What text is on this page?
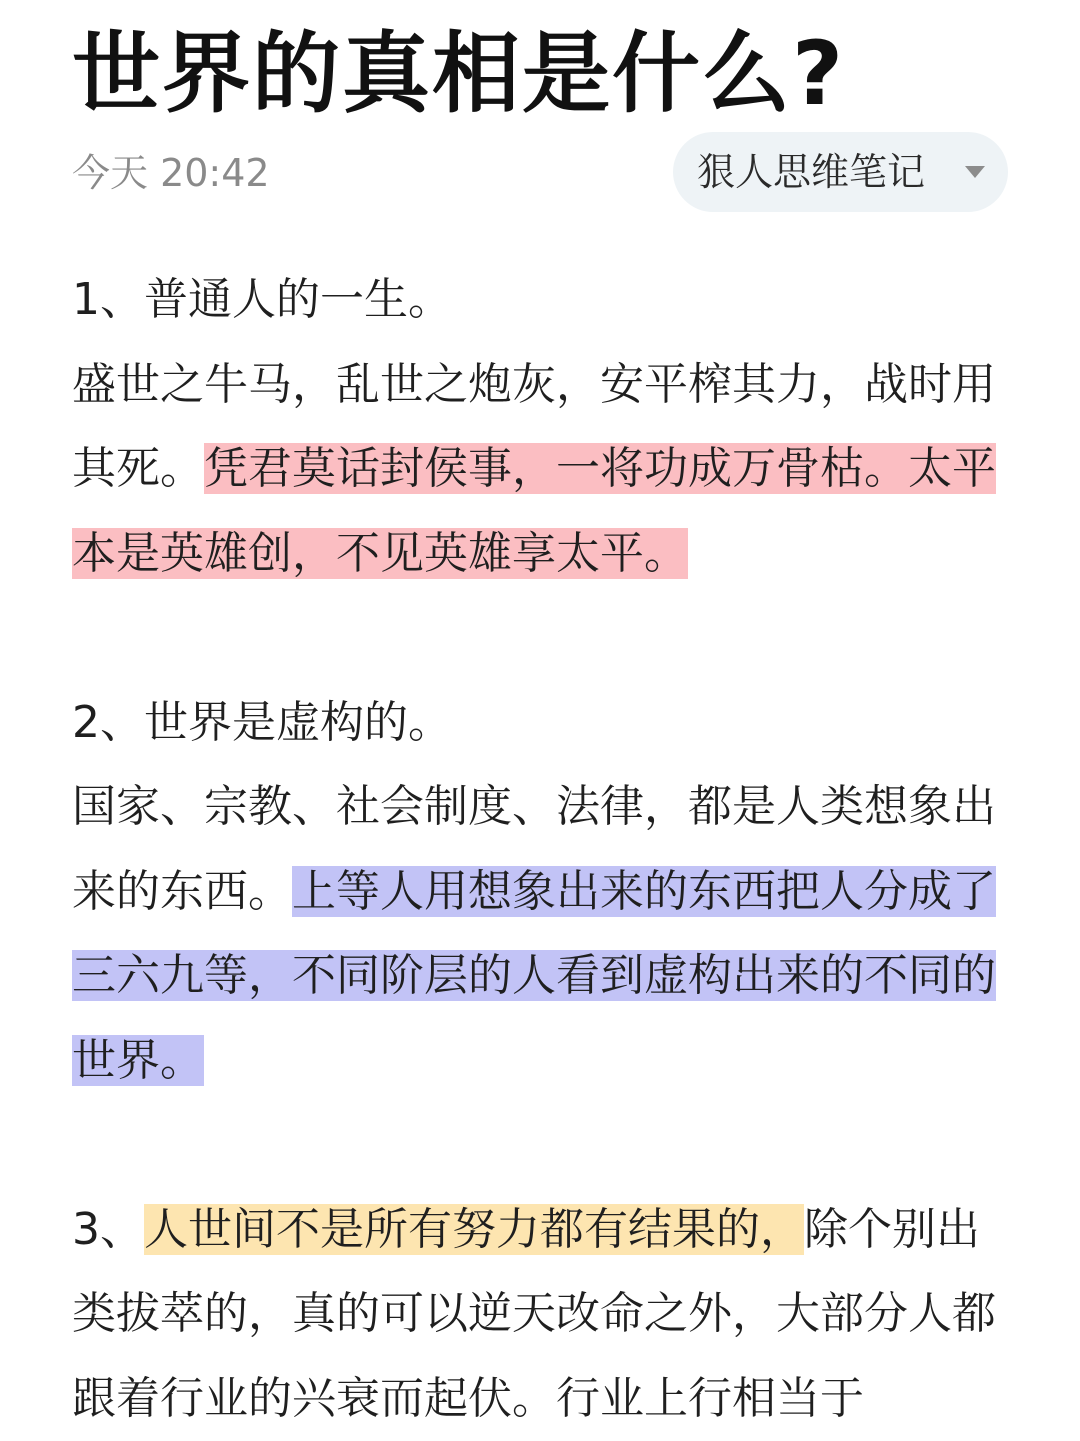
世界的真相是什么?
今天 20:42	狠人思维笔记

1、普通人的一生。

盛世之牛马，乱世之炮灰，安平榨其力，战时用其死。凭君莫话封侯事，一将功成万骨枯。太平本是英雄创，不见英雄享太平。

2、世界是虚构的。

国家、宗教、社会制度、法律，都是人类想象出来的东西。上等人用想象出来的东西把人分成了三六九等，不同阶层的人看到虚构出来的不同的世界。

3、人世间不是所有努力都有结果的，除个别出类拔萃的，真的可以逆天改命之外，大部分人都跟着行业的兴衰而起伏。行业上行相当于
